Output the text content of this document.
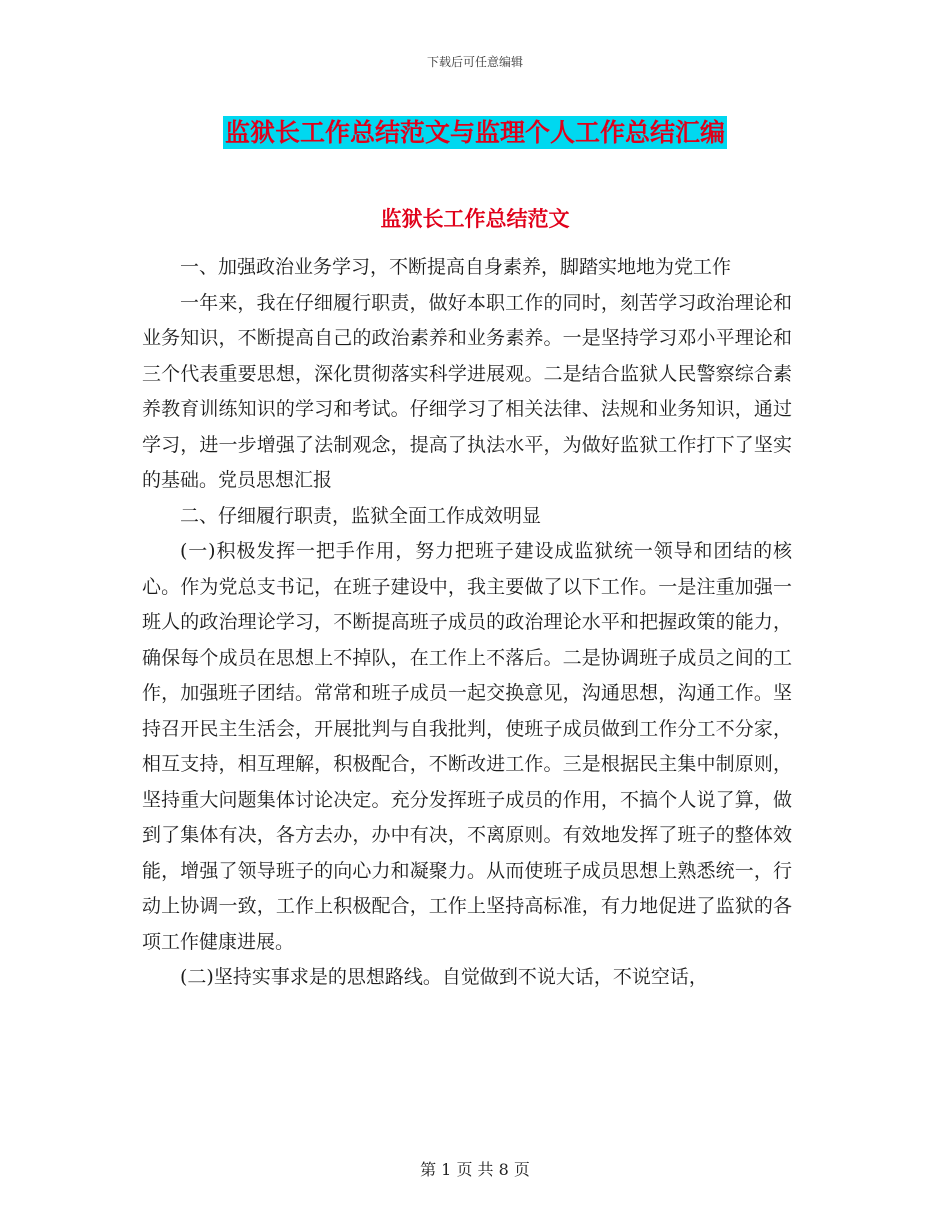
下载后可任意编辑
监狱长工作总结范文与监理个人工作总结汇编
监狱长工作总结范文

一、加强政治业务学习，不断提高自身素养，脚踏实地地为党工作

一年来，我在仔细履行职责，做好本职工作的同时，刻苦学习政治理论和业务知识，不断提高自己的政治素养和业务素养。一是坚持学习邓小平理论和三个代表重要思想，深化贯彻落实科学进展观。二是结合监狱人民警察综合素养教育训练知识的学习和考试。仔细学习了相关法律、法规和业务知识，通过学习，进一步增强了法制观念，提高了执法水平，为做好监狱工作打下了坚实的基础。党员思想汇报

二、仔细履行职责，监狱全面工作成效明显

(一)积极发挥一把手作用，努力把班子建设成监狱统一领导和团结的核心。作为党总支书记，在班子建设中，我主要做了以下工作。一是注重加强一班人的政治理论学习，不断提高班子成员的政治理论水平和把握政策的能力，确保每个成员在思想上不掉队，在工作上不落后。二是协调班子成员之间的工作，加强班子团结。常常和班子成员一起交换意见，沟通思想，沟通工作。坚持召开民主生活会，开展批判与自我批判，使班子成员做到工作分工不分家，相互支持，相互理解，积极配合，不断改进工作。三是根据民主集中制原则，坚持重大问题集体讨论决定。充分发挥班子成员的作用，不搞个人说了算，做到了集体有决，各方去办，办中有决，不离原则。有效地发挥了班子的整体效能，增强了领导班子的向心力和凝聚力。从而使班子成员思想上熟悉统一，行动上协调一致，工作上积极配合，工作上坚持高标准，有力地促进了监狱的各项工作健康进展。

(二)坚持实事求是的思想路线。自觉做到不说大话，不说空话，

第 1 页 共 8 页
